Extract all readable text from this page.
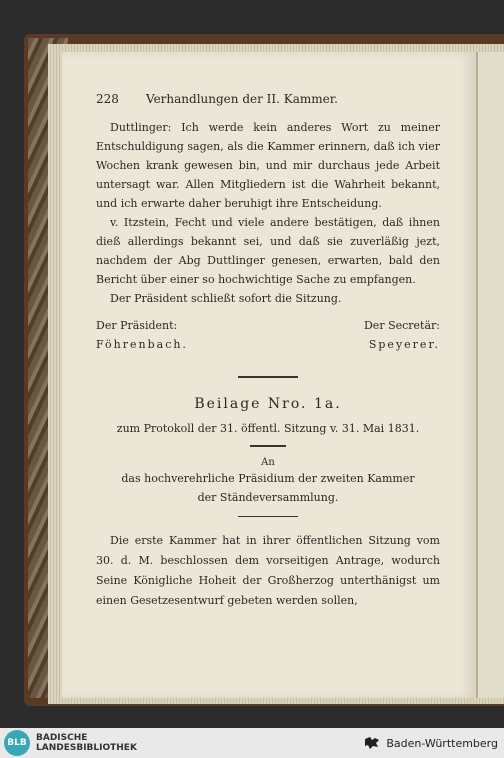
228	Verhandlungen der II. Kammer.

Duttlinger: Ich werde kein anderes Wort zu meiner Entschuldigung sagen, als die Kammer erinnern, daß ich vier Wochen krank gewesen bin, und mir durchaus jede Arbeit untersagt war. Allen Mitgliedern ist die Wahrheit bekannt, und ich erwarte daher beruhigt ihre Entscheidung.

v. Itzstein, Fecht und viele andere bestätigen, daß ihnen dieß allerdings bekannt sei, und daß sie zuverläßig jezt, nachdem der Abg Duttlinger genesen, erwarten, bald den Bericht über einer so hochwichtige Sache zu empfangen.

Der Präsident schließt sofort die Sitzung.

Der Präsident:
Föhrenbach.
Der Secretär:
Speyerer.
Beilage Nro. 1a.
zum Protokoll der 31. öffentl. Sitzung v. 31. Mai 1831.
An
das hochverehrliche Präsidium der zweiten Kammer
der Ständeversammlung.

Die erste Kammer hat in ihrer öffentlichen Sitzung vom 30. d. M. beschlossen dem vorseitigen Antrage, wodurch Seine Königliche Hoheit der Großherzog unterthänigst um einen Gesetzesentwurf gebeten werden sollen,

BLB	BADISCHE
LANDESBIBLIOTHEK	Baden-Württemberg
